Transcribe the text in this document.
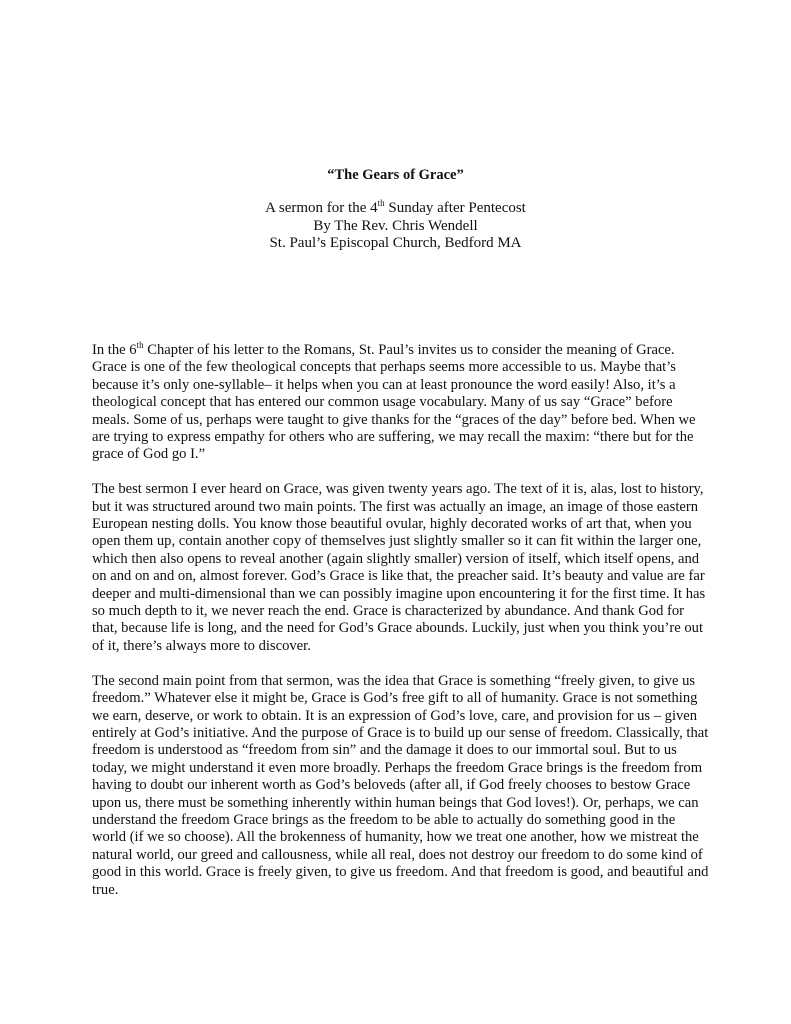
“The Gears of Grace”

A sermon for the 4th Sunday after Pentecost
By The Rev. Chris Wendell
St. Paul’s Episcopal Church, Bedford MA

In the 6th Chapter of his letter to the Romans, St. Paul’s invites us to consider the meaning of Grace. Grace is one of the few theological concepts that perhaps seems more accessible to us. Maybe that’s because it’s only one-syllable– it helps when you can at least pronounce the word easily! Also, it’s a theological concept that has entered our common usage vocabulary. Many of us say “Grace” before meals. Some of us, perhaps were taught to give thanks for the “graces of the day” before bed. When we are trying to express empathy for others who are suffering, we may recall the maxim: “there but for the grace of God go I.”

The best sermon I ever heard on Grace, was given twenty years ago. The text of it is, alas, lost to history, but it was structured around two main points. The first was actually an image, an image of those eastern European nesting dolls. You know those beautiful ovular, highly decorated works of art that, when you open them up, contain another copy of themselves just slightly smaller so it can fit within the larger one, which then also opens to reveal another (again slightly smaller) version of itself, which itself opens, and on and on and on, almost forever. God’s Grace is like that, the preacher said. It’s beauty and value are far deeper and multi-dimensional than we can possibly imagine upon encountering it for the first time. It has so much depth to it, we never reach the end. Grace is characterized by abundance. And thank God for that, because life is long, and the need for God’s Grace abounds. Luckily, just when you think you’re out of it, there’s always more to discover.

The second main point from that sermon, was the idea that Grace is something “freely given, to give us freedom.” Whatever else it might be, Grace is God’s free gift to all of humanity. Grace is not something we earn, deserve, or work to obtain. It is an expression of God’s love, care, and provision for us – given entirely at God’s initiative. And the purpose of Grace is to build up our sense of freedom. Classically, that freedom is understood as “freedom from sin” and the damage it does to our immortal soul. But to us today, we might understand it even more broadly. Perhaps the freedom Grace brings is the freedom from having to doubt our inherent worth as God’s beloveds (after all, if God freely chooses to bestow Grace upon us, there must be something inherently within human beings that God loves!). Or, perhaps, we can understand the freedom Grace brings as the freedom to be able to actually do something good in the world (if we so choose). All the brokenness of humanity, how we treat one another, how we mistreat the natural world, our greed and callousness, while all real, does not destroy our freedom to do some kind of good in this world. Grace is freely given, to give us freedom. And that freedom is good, and beautiful and true.
